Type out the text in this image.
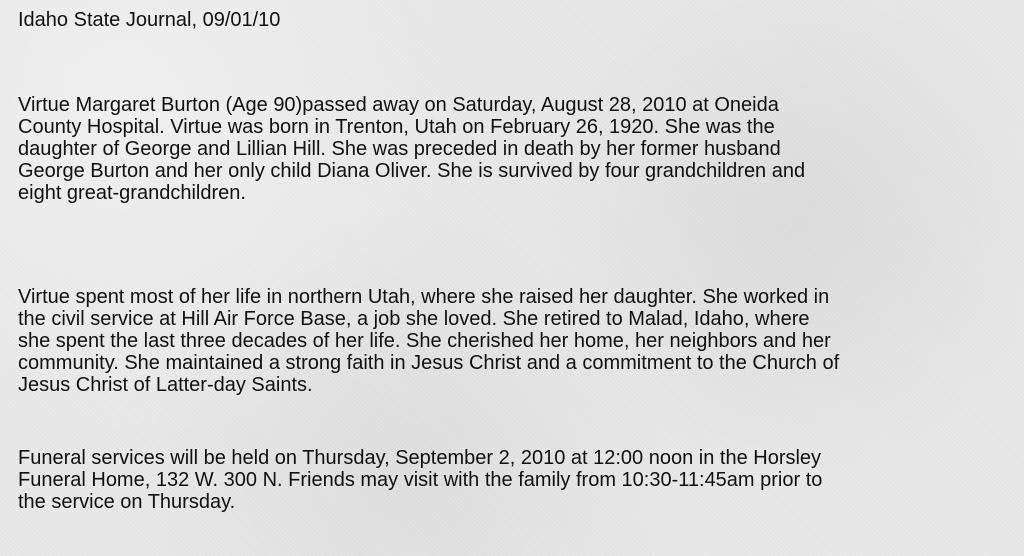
Idaho State Journal, 09/01/10
Virtue Margaret Burton (Age 90)passed away on Saturday, August 28, 2010 at Oneida
County Hospital. Virtue was born in Trenton, Utah on February 26, 1920. She was the
daughter of George and Lillian Hill. She was preceded in death by her former husband
George Burton and her only child Diana Oliver. She is survived by four grandchildren and
eight great-grandchildren.
Virtue spent most of her life in northern Utah, where she raised her daughter. She worked in
the civil service at Hill Air Force Base, a job she loved. She retired to Malad, Idaho, where
she spent the last three decades of her life. She cherished her home, her neighbors and her
community. She maintained a strong faith in Jesus Christ and a commitment to the Church of
Jesus Christ of Latter-day Saints.
Funeral services will be held on Thursday, September 2, 2010 at 12:00 noon in the Horsley
Funeral Home, 132 W. 300 N. Friends may visit with the family from 10:30-11:45am prior to
the service on Thursday.
